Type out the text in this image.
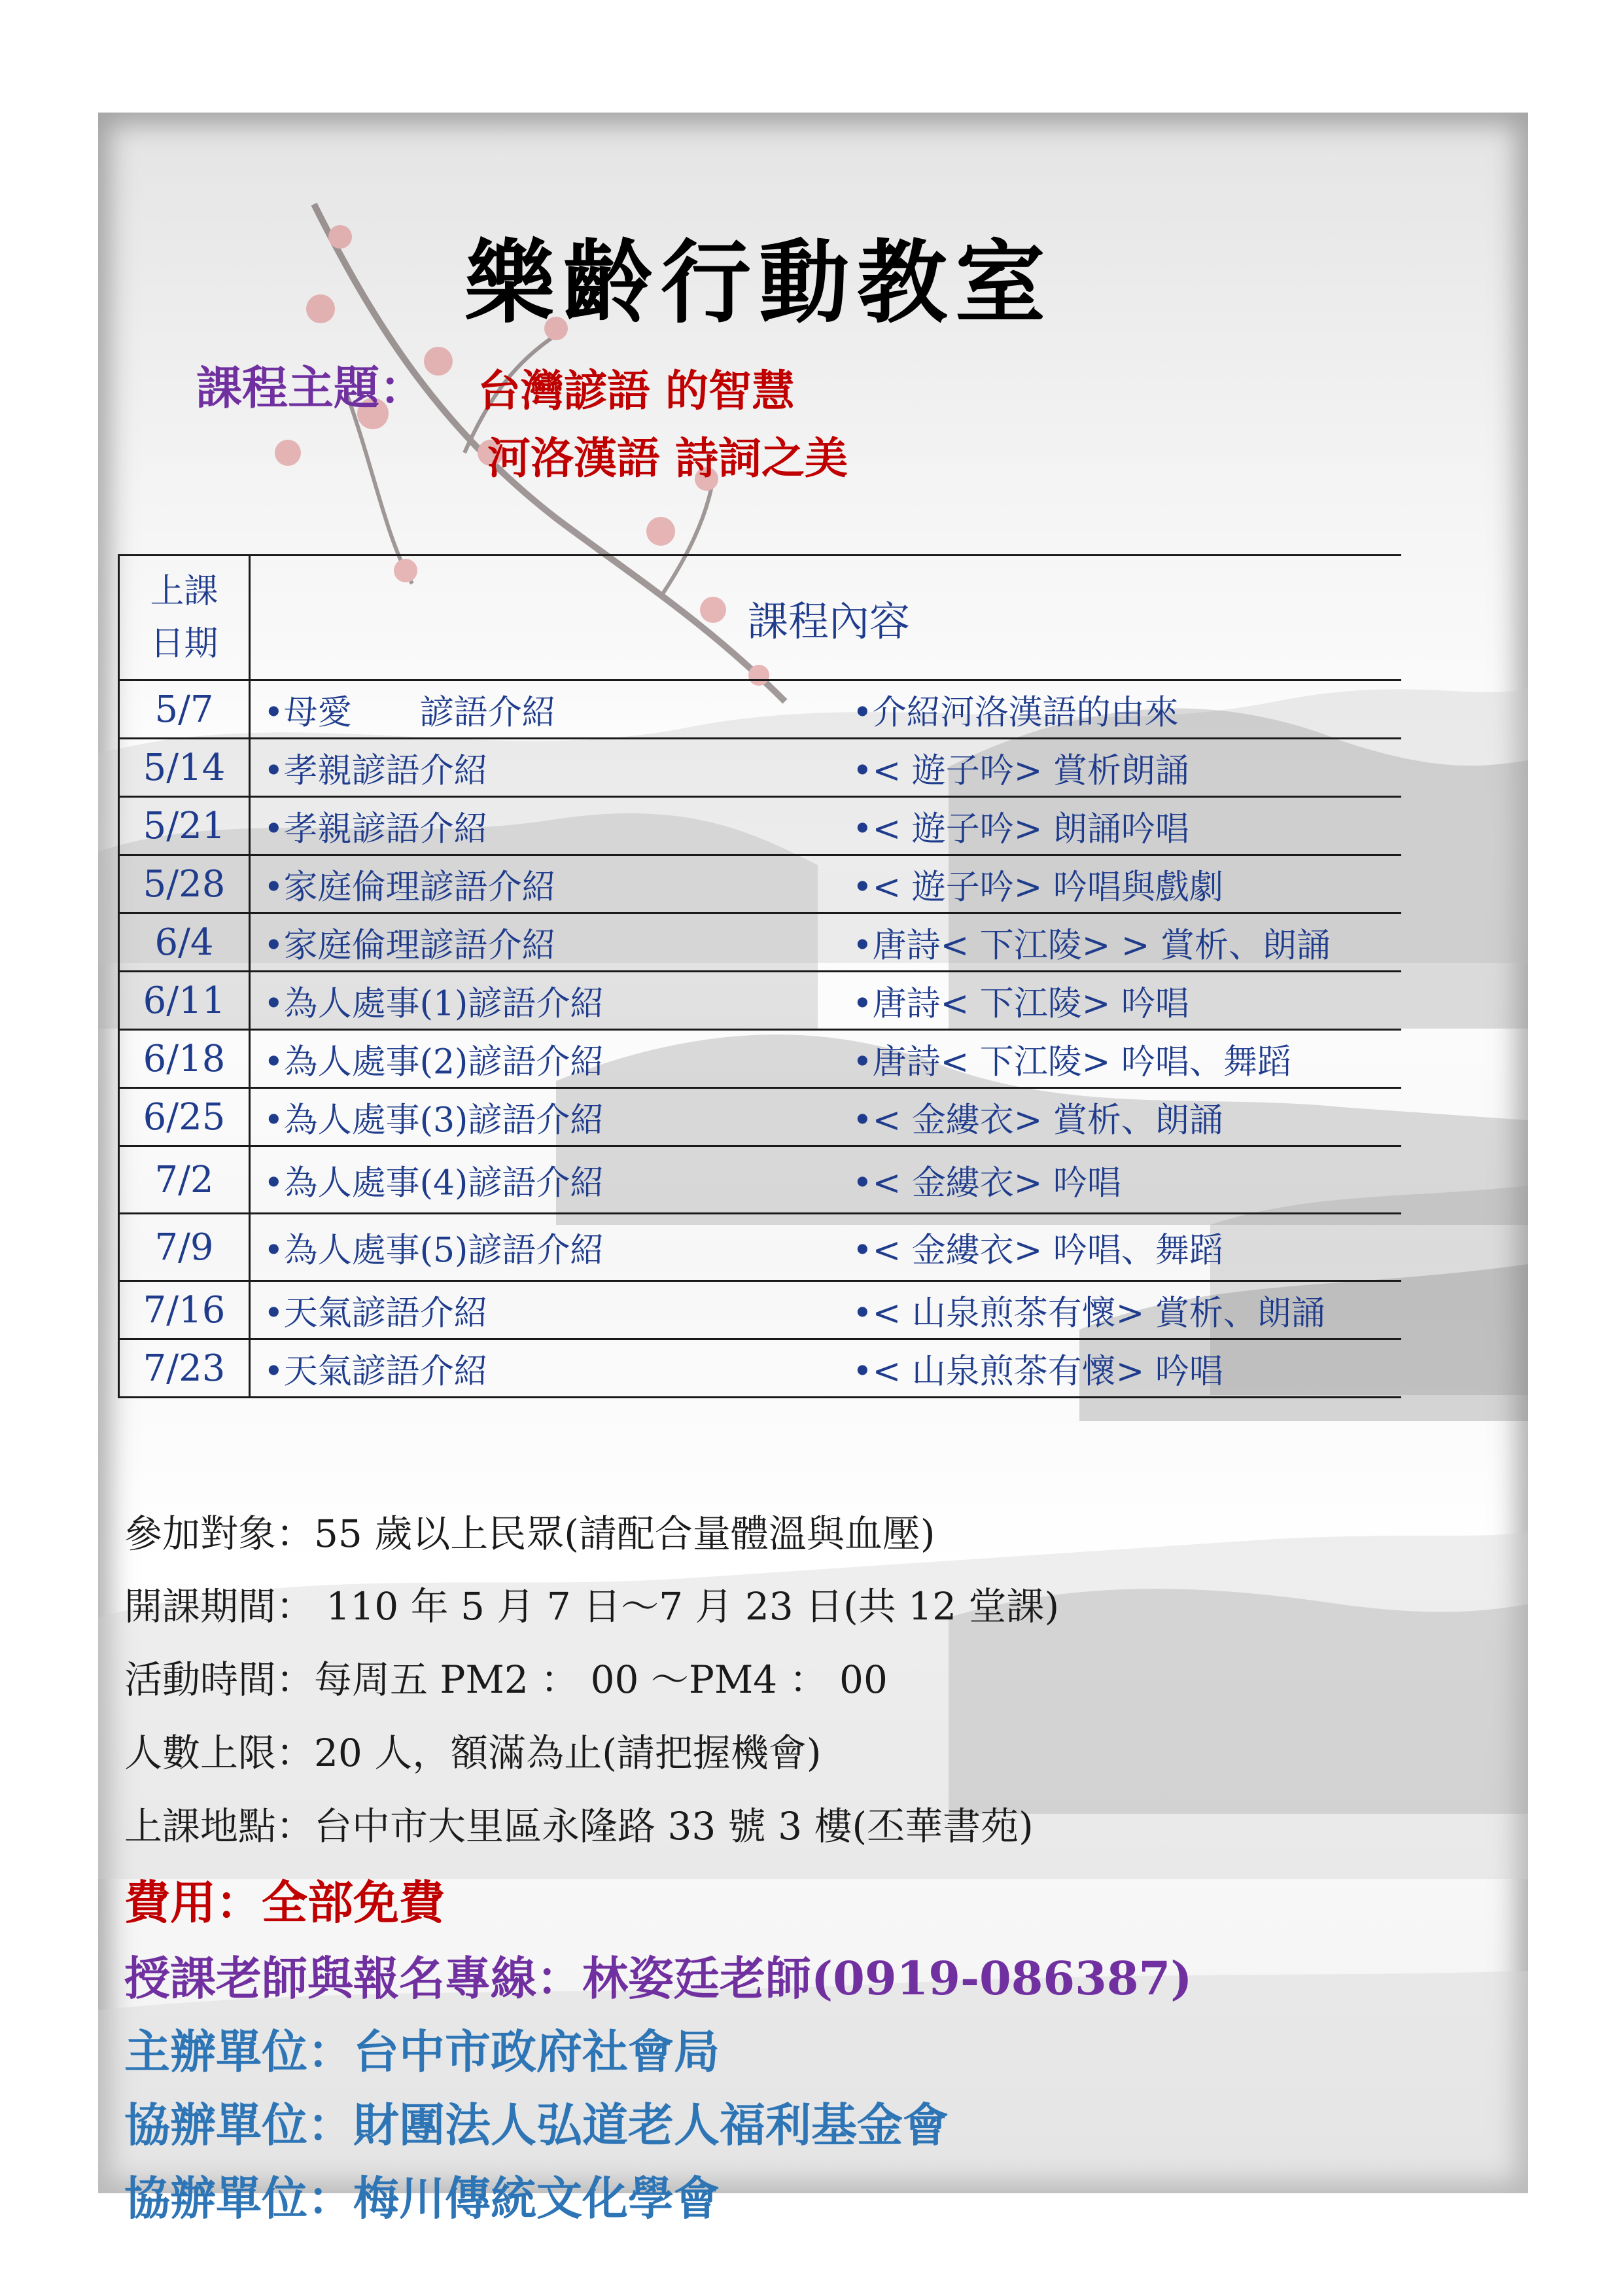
樂齡行動教室
課程主題： 台灣諺語 的智慧
河洛漢語 詩詞之美
上課
日期	課程內容
5/7	•母愛　　諺語介紹 •介紹河洛漢語的由來

5/14	•孝親諺語介紹 •< 遊子吟> 賞析朗誦

5/21	•孝親諺語介紹 •< 遊子吟> 朗誦吟唱

5/28	•家庭倫理諺語介紹 •< 遊子吟> 吟唱與戲劇

6/4	•家庭倫理諺語介紹 •唐詩< 下江陵> > 賞析、朗誦

6/11	•為人處事(1)諺語介紹 •唐詩< 下江陵> 吟唱

6/18	•為人處事(2)諺語介紹 •唐詩< 下江陵> 吟唱、舞蹈

6/25	•為人處事(3)諺語介紹 •< 金縷衣> 賞析、朗誦

7/2	•為人處事(4)諺語介紹 •< 金縷衣> 吟唱

7/9	•為人處事(5)諺語介紹 •< 金縷衣> 吟唱、舞蹈

7/16	•天氣諺語介紹 •< 山泉煎茶有懷> 賞析、朗誦

7/23	•天氣諺語介紹 •< 山泉煎茶有懷> 吟唱
參加對象：55 歲以上民眾(請配合量體溫與血壓)
開課期間： 110 年 5 月 7 日～7 月 23 日(共 12 堂課)
活動時間：每周五 PM2 ： 00 ～PM4 ： 00
人數上限：20 人，額滿為止(請把握機會)
上課地點：台中市大里區永隆路 33 號 3 樓(丕華書苑)
費用：全部免費
授課老師與報名專線：林姿廷老師(0919-086387)
主辦單位：台中市政府社會局
協辦單位：財團法人弘道老人福利基金會
協辦單位：梅川傳統文化學會
